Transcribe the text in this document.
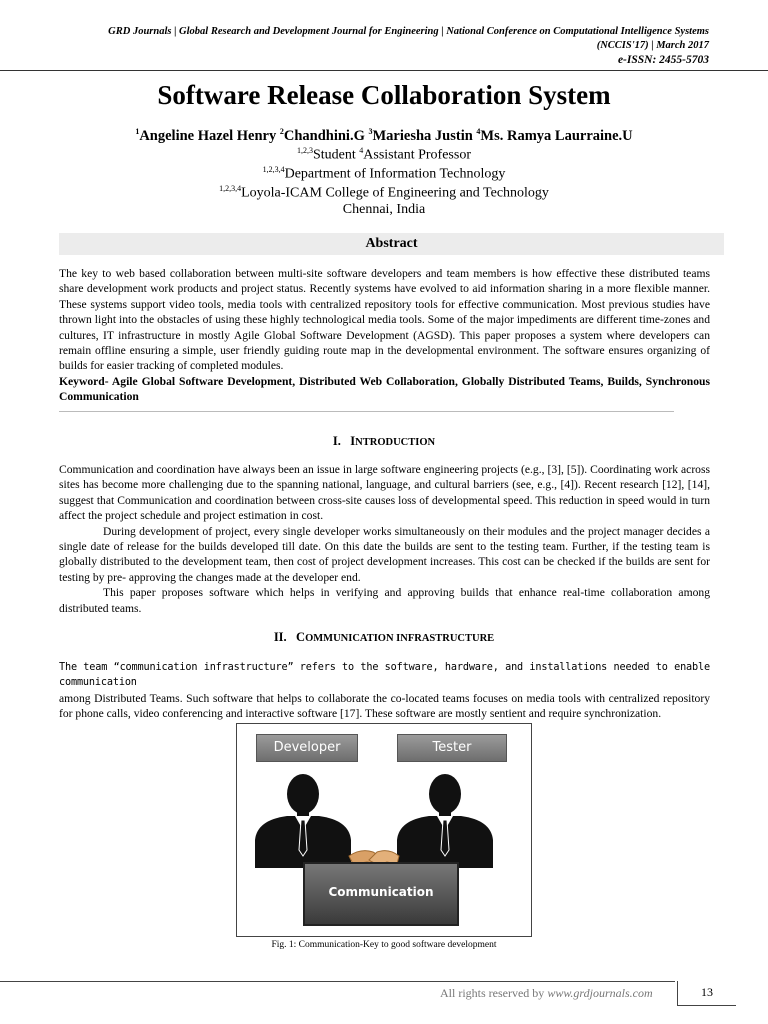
GRD Journals | Global Research and Development Journal for Engineering | National Conference on Computational Intelligence Systems
(NCCIS'17) | March 2017
e-ISSN: 2455-5703
Software Release Collaboration System
$^1$Angeline Hazel Henry $^2$Chandhini.G $^3$Mariesha Justin $^4$Ms. Ramya Laurraine.U
$^{1,2,3}$Student $^4$Assistant Professor
$^{1,2,3,4}$Department of Information Technology
$^{1,2,3,4}$Loyola-ICAM College of Engineering and Technology
Chennai, India
Abstract

The key to web based collaboration between multi-site software developers and team members is how effective these distributed teams share development work products and project status. Recently systems have evolved to aid information sharing in a more flexible manner. These systems support video tools, media tools with centralized repository tools for effective communication. Most previous studies have thrown light into the obstacles of using these highly technological media tools. Some of the major impediments are different time-zones and cultures, IT infrastructure in mostly Agile Global Software Development (AGSD). This paper proposes a system where developers can remain offline ensuring a simple, user friendly guiding route map in the developmental environment. The software ensures organizing of builds for easier tracking of completed modules.

Keyword- Agile Global Software Development, Distributed Web Collaboration, Globally Distributed Teams, Builds, Synchronous Communication

I. INTRODUCTION

Communication and coordination have always been an issue in large software engineering projects (e.g., [3], [5]). Coordinating work across sites has become more challenging due to the spanning national, language, and cultural barriers (see, e.g., [4]). Recent research [12], [14], suggest that Communication and coordination between cross-site causes loss of developmental speed. This reduction in speed would in turn affect the project schedule and project estimation in cost.

During development of project, every single developer works simultaneously on their modules and the project manager decides a single date of release for the builds developed till date. On this date the builds are sent to the testing team. Further, if the testing team is globally distributed to the development team, then cost of project development increases. This cost can be checked if the builds are sent for testing by pre- approving the changes made at the developer end.

This paper proposes software which helps in verifying and approving builds that enhance real-time collaboration among distributed teams.

II. COMMUNICATION INFRASTRUCTURE

The team “communication infrastructure” refers to the software, hardware, and installations needed to enable communication

among Distributed Teams. Such software that helps to collaborate the co-located teams focuses on media tools with centralized repository for phone calls, video conferencing and interactive software [17]. These software are mostly sentient and require synchronization.

Developer	Tester
Communication
Fig. 1: Communication-Key to good software development
All rights reserved by www.grdjournals.com	13
